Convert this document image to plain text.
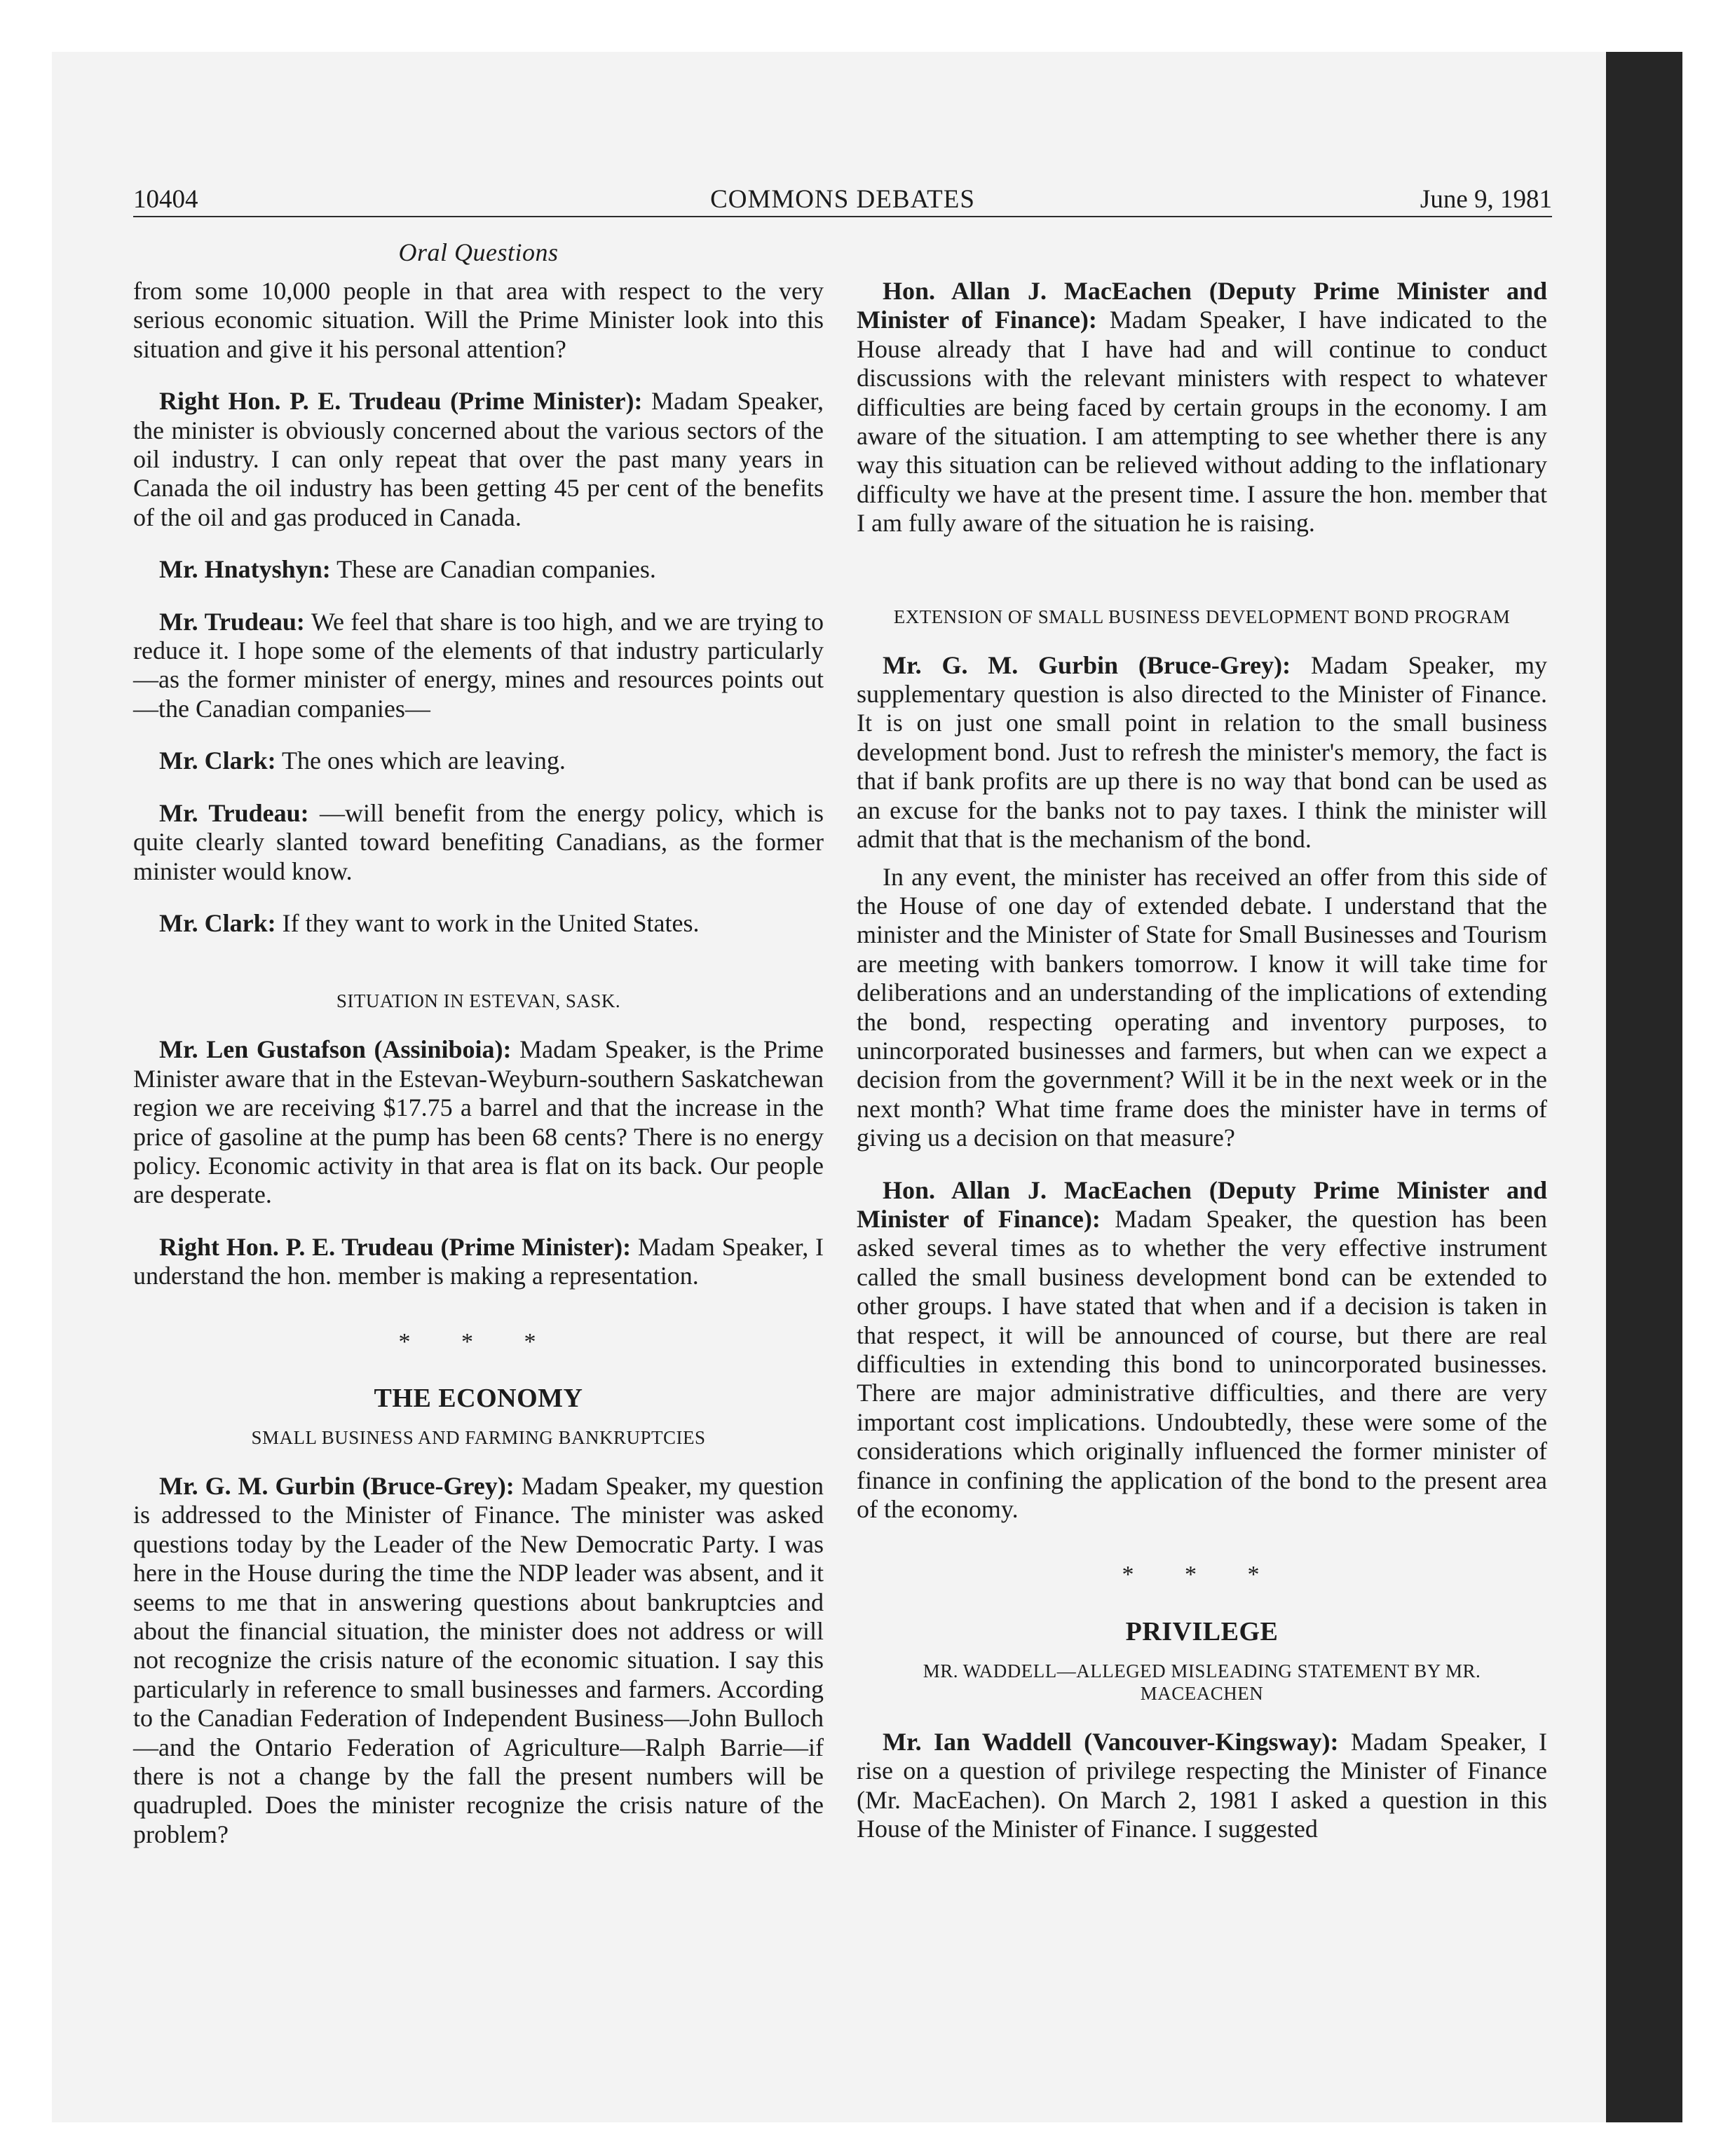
10404	COMMONS DEBATES	June 9, 1981
Oral Questions

from some 10,000 people in that area with respect to the very serious economic situation. Will the Prime Minister look into this situation and give it his personal attention?

Right Hon. P. E. Trudeau (Prime Minister): Madam Speaker, the minister is obviously concerned about the various sectors of the oil industry. I can only repeat that over the past many years in Canada the oil industry has been getting 45 per cent of the benefits of the oil and gas produced in Canada.

Mr. Hnatyshyn: These are Canadian companies.

Mr. Trudeau: We feel that share is too high, and we are trying to reduce it. I hope some of the elements of that industry particularly—as the former minister of energy, mines and resources points out—the Canadian companies—

Mr. Clark: The ones which are leaving.

Mr. Trudeau: —will benefit from the energy policy, which is quite clearly slanted toward benefiting Canadians, as the former minister would know.

Mr. Clark: If they want to work in the United States.

SITUATION IN ESTEVAN, SASK.

Mr. Len Gustafson (Assiniboia): Madam Speaker, is the Prime Minister aware that in the Estevan-Weyburn-southern Saskatchewan region we are receiving $17.75 a barrel and that the increase in the price of gasoline at the pump has been 68 cents? There is no energy policy. Economic activity in that area is flat on its back. Our people are desperate.

Right Hon. P. E. Trudeau (Prime Minister): Madam Speaker, I understand the hon. member is making a representation.

* * *
THE ECONOMY
SMALL BUSINESS AND FARMING BANKRUPTCIES

Mr. G. M. Gurbin (Bruce-Grey): Madam Speaker, my question is addressed to the Minister of Finance. The minister was asked questions today by the Leader of the New Democratic Party. I was here in the House during the time the NDP leader was absent, and it seems to me that in answering questions about bankruptcies and about the financial situation, the minister does not address or will not recognize the crisis nature of the economic situation. I say this particularly in reference to small businesses and farmers. According to the Canadian Federation of Independent Business—John Bulloch—and the Ontario Federation of Agriculture—Ralph Barrie—if there is not a change by the fall the present numbers will be quadrupled. Does the minister recognize the crisis nature of the problem?

Hon. Allan J. MacEachen (Deputy Prime Minister and Minister of Finance): Madam Speaker, I have indicated to the House already that I have had and will continue to conduct discussions with the relevant ministers with respect to whatever difficulties are being faced by certain groups in the economy. I am aware of the situation. I am attempting to see whether there is any way this situation can be relieved without adding to the inflationary difficulty we have at the present time. I assure the hon. member that I am fully aware of the situation he is raising.

EXTENSION OF SMALL BUSINESS DEVELOPMENT BOND PROGRAM

Mr. G. M. Gurbin (Bruce-Grey): Madam Speaker, my supplementary question is also directed to the Minister of Finance. It is on just one small point in relation to the small business development bond. Just to refresh the minister's memory, the fact is that if bank profits are up there is no way that bond can be used as an excuse for the banks not to pay taxes. I think the minister will admit that that is the mechanism of the bond.

In any event, the minister has received an offer from this side of the House of one day of extended debate. I understand that the minister and the Minister of State for Small Businesses and Tourism are meeting with bankers tomorrow. I know it will take time for deliberations and an understanding of the implications of extending the bond, respecting operating and inventory purposes, to unincorporated businesses and farmers, but when can we expect a decision from the government? Will it be in the next week or in the next month? What time frame does the minister have in terms of giving us a decision on that measure?

Hon. Allan J. MacEachen (Deputy Prime Minister and Minister of Finance): Madam Speaker, the question has been asked several times as to whether the very effective instrument called the small business development bond can be extended to other groups. I have stated that when and if a decision is taken in that respect, it will be announced of course, but there are real difficulties in extending this bond to unincorporated businesses. There are major administrative difficulties, and there are very important cost implications. Undoubtedly, these were some of the considerations which originally influenced the former minister of finance in confining the application of the bond to the present area of the economy.

* * *
PRIVILEGE
MR. WADDELL—ALLEGED MISLEADING STATEMENT BY MR. MACEACHEN

Mr. Ian Waddell (Vancouver-Kingsway): Madam Speaker, I rise on a question of privilege respecting the Minister of Finance (Mr. MacEachen). On March 2, 1981 I asked a question in this House of the Minister of Finance. I suggested
